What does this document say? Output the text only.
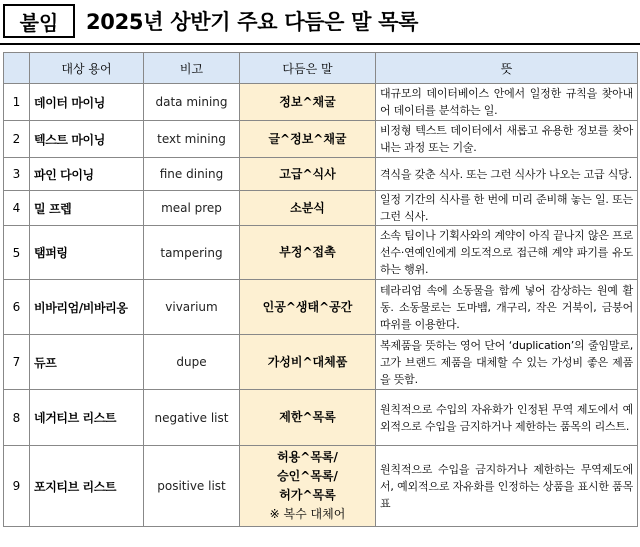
붙임	2025년 상반기 주요 다듬은 말 목록
	대상 용어	비고	다듬은 말	뜻
1	데이터 마이닝	data mining	정보^채굴	대규모의 데이터베이스 안에서 일정한 규칙을 찾아내어 데이터를 분석하는 일.
2	텍스트 마이닝	text mining	글^정보^채굴	비정형 텍스트 데이터에서 새롭고 유용한 정보를 찾아내는 과정 또는 기술.
3	파인 다이닝	fine dining	고급^식사	격식을 갖춘 식사. 또는 그런 식사가 나오는 고급 식당.
4	밀 프렙	meal prep	소분식	일정 기간의 식사를 한 번에 미리 준비해 놓는 일. 또는 그런 식사.
5	탬퍼링	tampering	부정^접촉	소속 팀이나 기획사와의 계약이 아직 끝나지 않은 프로 선수·연예인에게 의도적으로 접근해 계약 파기를 유도하는 행위.
6	비바리엄/비바리옹	vivarium	인공^생태^공간	테라리엄 속에 소동물을 함께 넣어 감상하는 원예 활동. 소동물로는 도마뱀, 개구리, 작은 거북이, 금붕어 따위를 이용한다.
7	듀프	dupe	가성비^대체품	복제품을 뜻하는 영어 단어 ‘duplication’의 줄임말로, 고가 브랜드 제품을 대체할 수 있는 가성비 좋은 제품을 뜻함.
8	네거티브 리스트	negative list	제한^목록	원칙적으로 수입의 자유화가 인정된 무역 제도에서 예외적으로 수입을 금지하거나 제한하는 품목의 리스트.
9	포지티브 리스트	positive list	허용^목록/
승인^목록/
허가^목록
※ 복수 대체어	원칙적으로 수입을 금지하거나 제한하는 무역제도에서, 예외적으로 자유화를 인정하는 상품을 표시한 품목표
